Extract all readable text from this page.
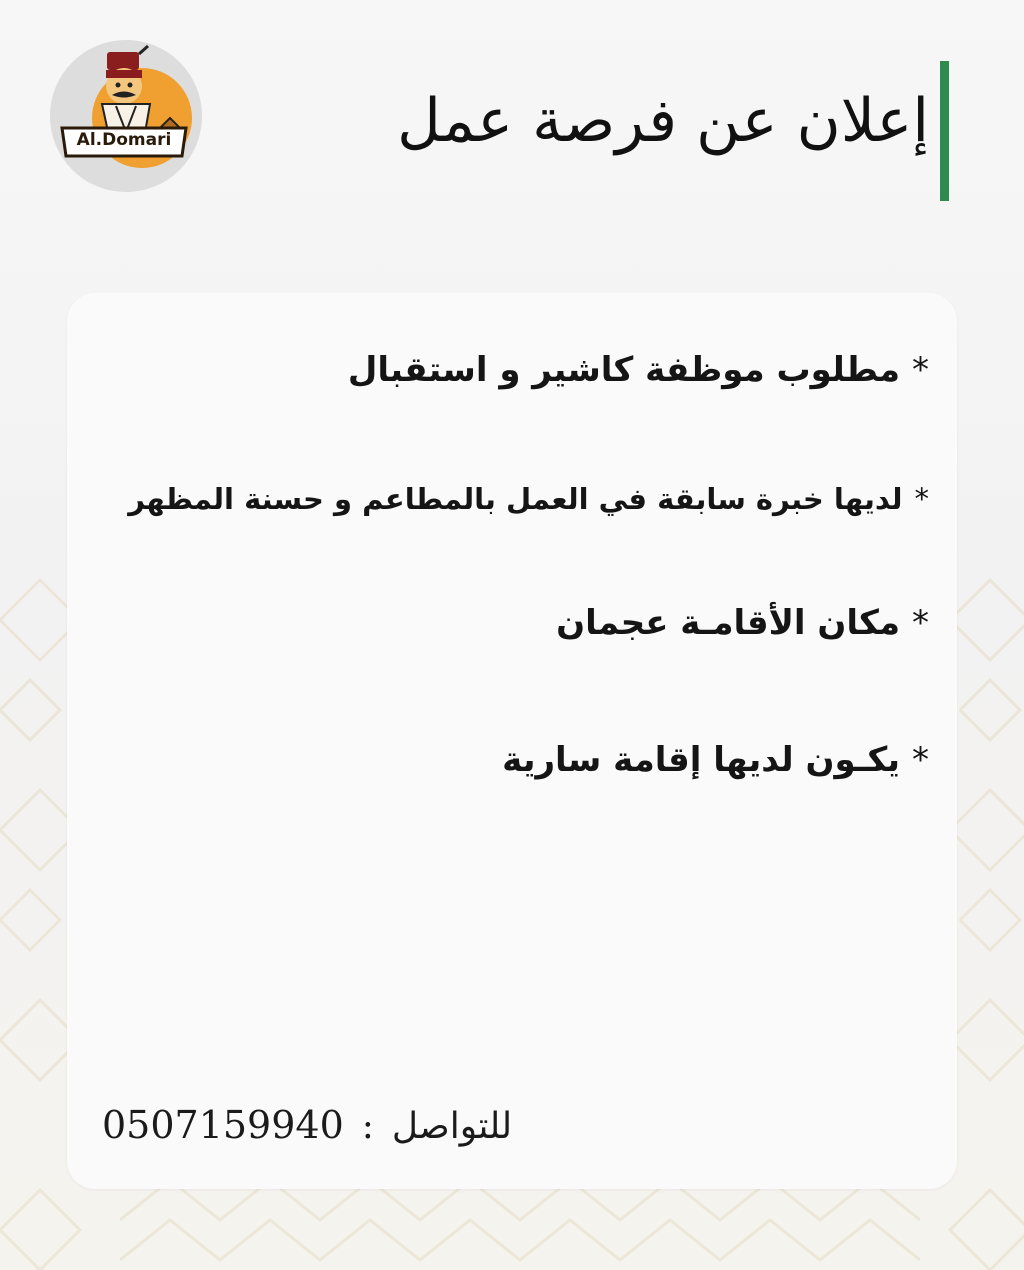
Al.Domari	إعلان عن فرصة عمل

*مطلوب موظفة كاشير و استقبال

*لديها خبرة سابقة في العمل بالمطاعم و حسنة المظهر

*مكان الأقامـة عجمان

*يكـون لديها إقامة سارية

0507159940 : للتواصل
